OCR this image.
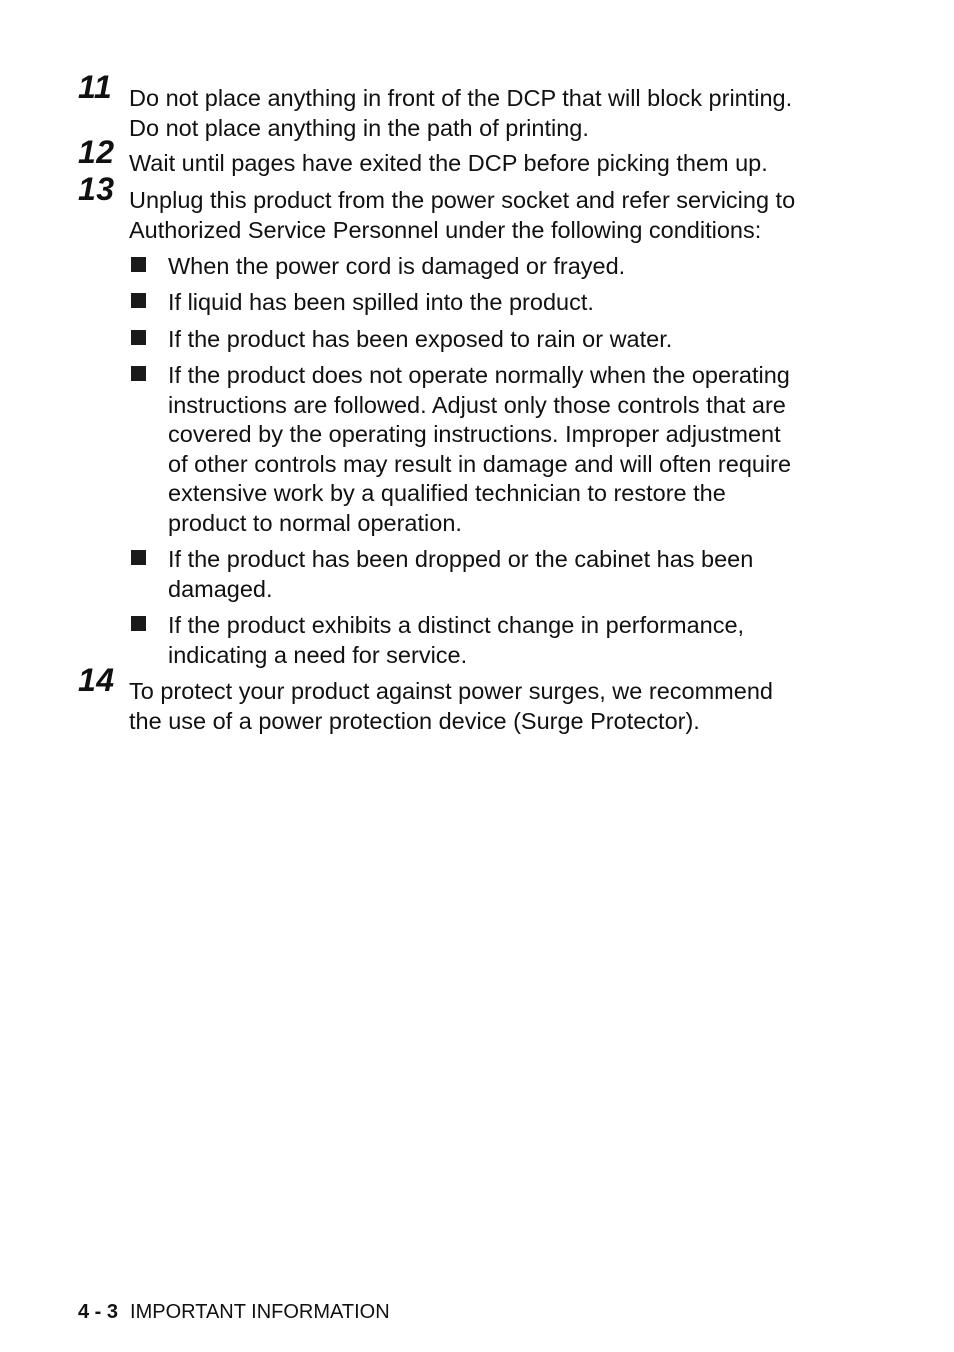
11 Do not place anything in front of the DCP that will block printing.
Do not place anything in the path of printing.
12 Wait until pages have exited the DCP before picking them up.
13 Unplug this product from the power socket and refer servicing to
Authorized Service Personnel under the following conditions:
When the power cord is damaged or frayed.
If liquid has been spilled into the product.
If the product has been exposed to rain or water.
If the product does not operate normally when the operating
instructions are followed. Adjust only those controls that are
covered by the operating instructions. Improper adjustment
of other controls may result in damage and will often require
extensive work by a qualified technician to restore the
product to normal operation.
If the product has been dropped or the cabinet has been
damaged.
If the product exhibits a distinct change in performance,
indicating a need for service.
14 To protect your product against power surges, we recommend
the use of a power protection device (Surge Protector).
4 - 3 IMPORTANT INFORMATION
